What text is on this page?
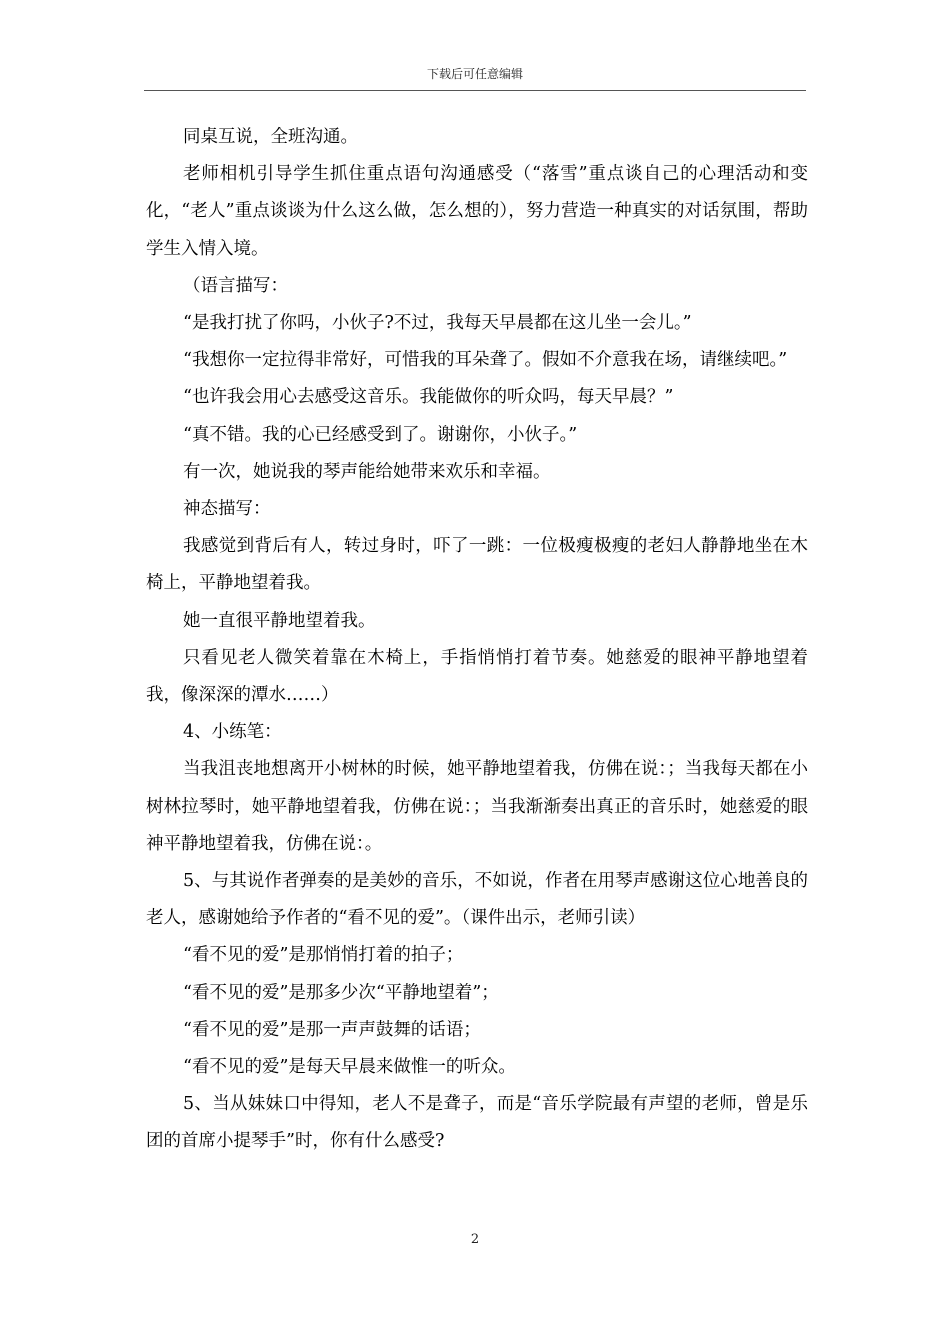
下载后可任意编辑

同桌互说，全班沟通。

老师相机引导学生抓住重点语句沟通感受（“落雪”重点谈自己的心理活动和变化，“老人”重点谈谈为什么这么做，怎么想的），努力营造一种真实的对话氛围，帮助学生入情入境。

（语言描写：

“是我打扰了你吗，小伙子?不过，我每天早晨都在这儿坐一会儿。”

“我想你一定拉得非常好，可惜我的耳朵聋了。假如不介意我在场，请继续吧。”

“也许我会用心去感受这音乐。我能做你的听众吗，每天早晨？”

“真不错。我的心已经感受到了。谢谢你，小伙子。”

有一次，她说我的琴声能给她带来欢乐和幸福。

神态描写：

我感觉到背后有人，转过身时，吓了一跳：一位极瘦极瘦的老妇人静静地坐在木椅上，平静地望着我。

她一直很平静地望着我。

只看见老人微笑着靠在木椅上，手指悄悄打着节奏。她慈爱的眼神平静地望着我，像深深的潭水……）

4、小练笔：

当我沮丧地想离开小树林的时候，她平静地望着我，仿佛在说：；当我每天都在小树林拉琴时，她平静地望着我，仿佛在说：；当我渐渐奏出真正的音乐时，她慈爱的眼神平静地望着我，仿佛在说：。

5、与其说作者弹奏的是美妙的音乐，不如说，作者在用琴声感谢这位心地善良的老人，感谢她给予作者的“看不见的爱”。（课件出示，老师引读）

“看不见的爱”是那悄悄打着的拍子；

“看不见的爱”是那多少次“平静地望着”；

“看不见的爱”是那一声声鼓舞的话语；

“看不见的爱”是每天早晨来做惟一的听众。

5、当从妹妹口中得知，老人不是聋子，而是“音乐学院最有声望的老师，曾是乐团的首席小提琴手”时，你有什么感受?

2
